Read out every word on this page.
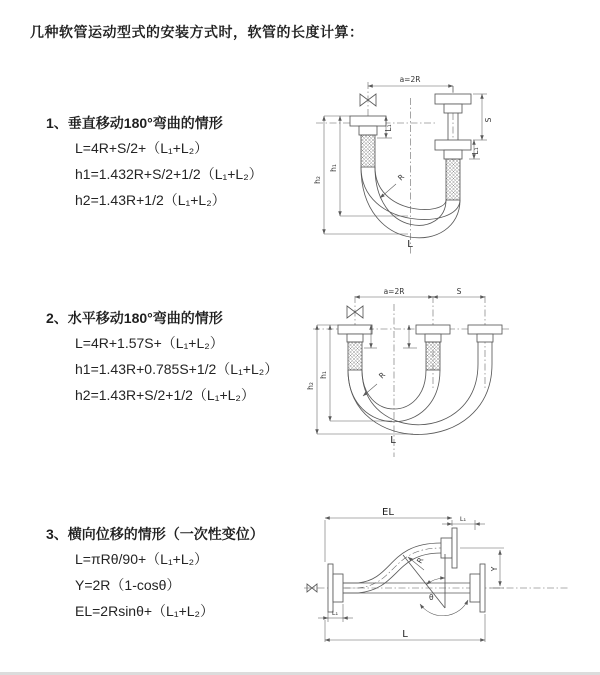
几种软管运动型式的安装方式时，软管的长度计算：
1、垂直移动180°弯曲的情形
L=4R+S/2+（L₁+L₂）
h1=1.432R+S/2+1/2（L₁+L₂）
h2=1.43R+1/2（L₁+L₂）
2、水平移动180°弯曲的情形
L=4R+1.57S+（L₁+L₂）
h1=1.43R+0.785S+1/2（L₁+L₂）
h2=1.43R+S/2+1/2（L₁+L₂）
3、横向位移的情形（一次性变位）
L=πRθ/90+（L₁+L₂）
Y=2R（1-cosθ）
EL=2Rsinθ+（L₁+L₂）
a=2R
S
L₁
L₁
h₁
h₂	R
L
a=2R	S
h₁
h₂
R
L
EL
L₁
L₁
Y
θ
R
L
